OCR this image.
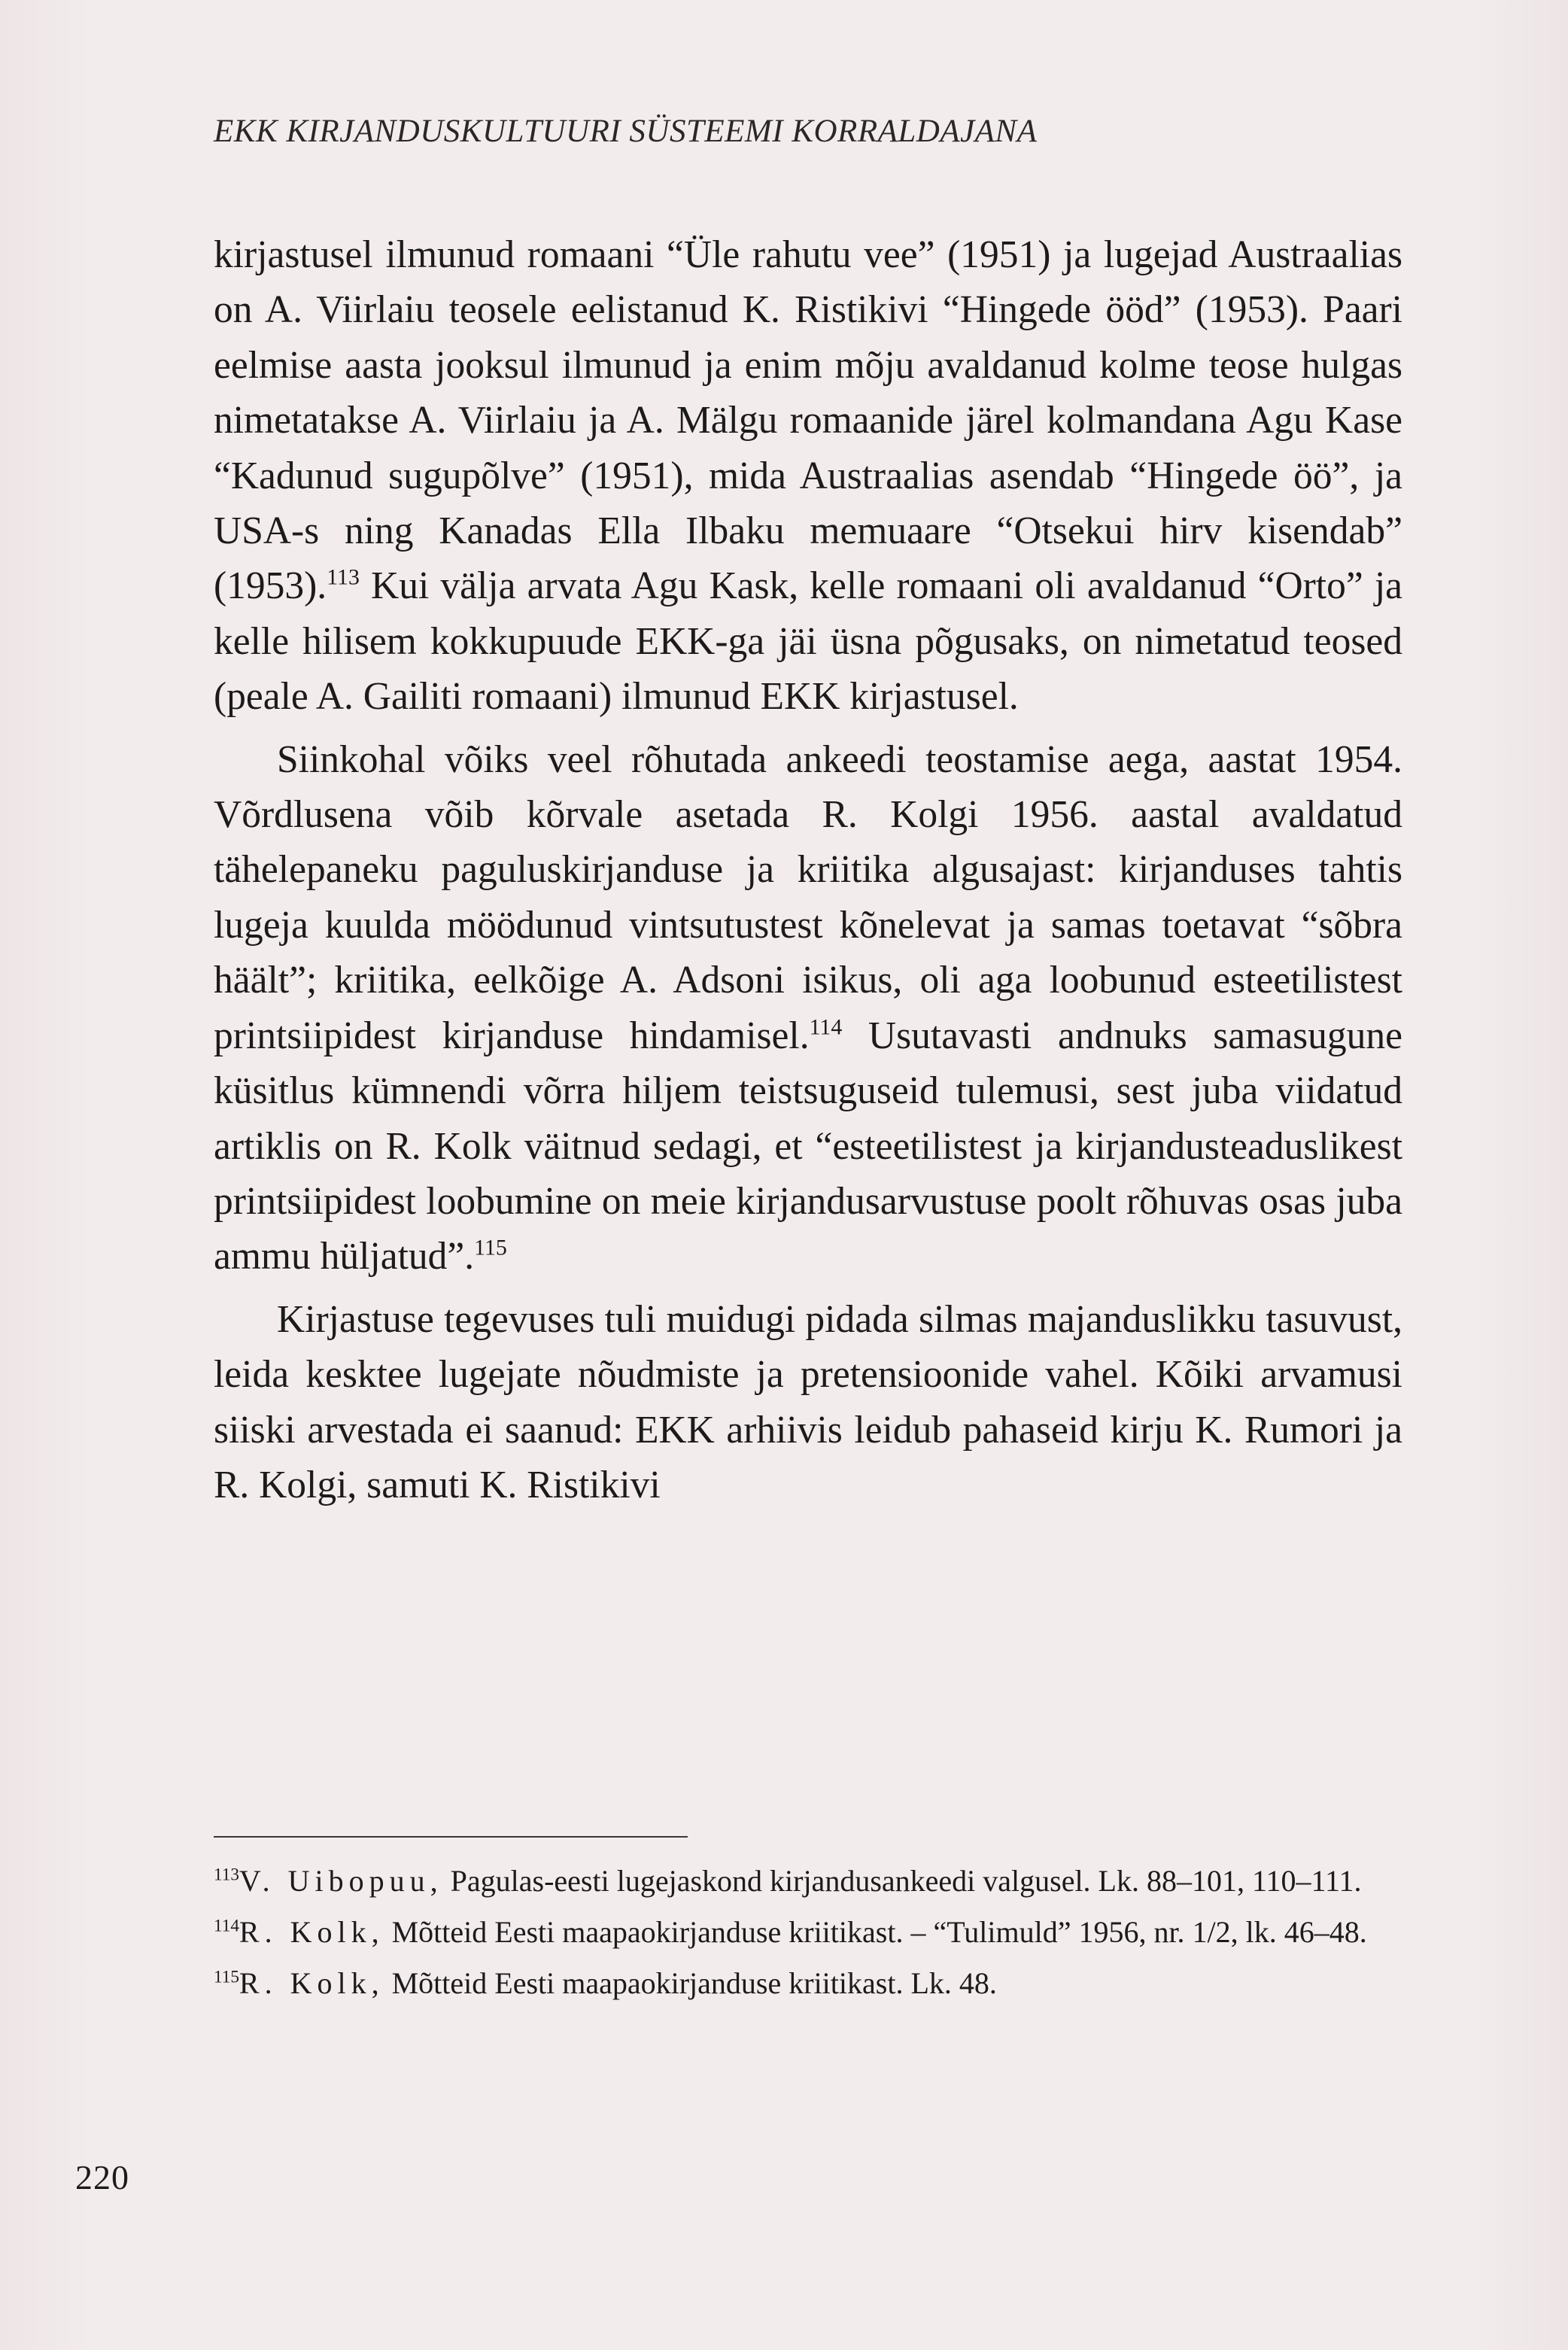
EKK KIRJANDUSKULTUURI SÜSTEEMI KORRALDAJANA

kirjastusel ilmunud romaani “Üle rahutu vee” (1951) ja lugejad Austraalias on A. Viirlaiu teosele eelistanud K. Ristikivi “Hingede ööd” (1953). Paari eelmise aasta jooksul ilmunud ja enim mõju avaldanud kolme teose hulgas nimetatakse A. Viirlaiu ja A. Mälgu romaanide järel kolmandana Agu Kase “Kadunud sugupõlve” (1951), mida Austraalias asendab “Hingede öö”, ja USA-s ning Kanadas Ella Ilbaku memuaare “Otsekui hirv kisendab” (1953).$^{113}$ Kui välja arvata Agu Kask, kelle romaani oli avaldanud “Orto” ja kelle hilisem kokkupuude EKK-ga jäi üsna põgusaks, on nimetatud teosed (peale A. Gailiti romaani) ilmunud EKK kirjastusel.

Siinkohal võiks veel rõhutada ankeedi teostamise aega, aastat 1954. Võrdlusena võib kõrvale asetada R. Kolgi 1956. aastal avaldatud tähelepaneku paguluskirjanduse ja kriitika algusajast: kirjanduses tahtis lugeja kuulda möödunud vintsutustest kõnelevat ja samas toetavat “sõbra häält”; kriitika, eelkõige A. Adsoni isikus, oli aga loobunud esteetilistest printsiipidest kirjanduse hindamisel.$^{114}$ Usutavasti andnuks samasugune küsitlus kümnendi võrra hiljem teistsuguseid tulemusi, sest juba viidatud artiklis on R. Kolk väitnud sedagi, et “esteetilistest ja kirjandusteaduslikest printsiipidest loobumine on meie kirjandusarvustuse poolt rõhuvas osas juba ammu hüljatud”.$^{115}$

Kirjastuse tegevuses tuli muidugi pidada silmas majanduslikku tasuvust, leida kesktee lugejate nõudmiste ja pretensioonide vahel. Kõiki arvamusi siiski arvestada ei saanud: EKK arhiivis leidub pahaseid kirju K. Rumori ja R. Kolgi, samuti K. Ristikivi

$^{113}$V. Uibopuu, Pagulas-eesti lugejaskond kirjandusankeedi valgusel. Lk. 88–101, 110–111.

$^{114}$R. Kolk, Mõtteid Eesti maapaokirjanduse kriitikast. – “Tulimuld” 1956, nr. 1/2, lk. 46–48.

$^{115}$R. Kolk, Mõtteid Eesti maapaokirjanduse kriitikast. Lk. 48.

220
